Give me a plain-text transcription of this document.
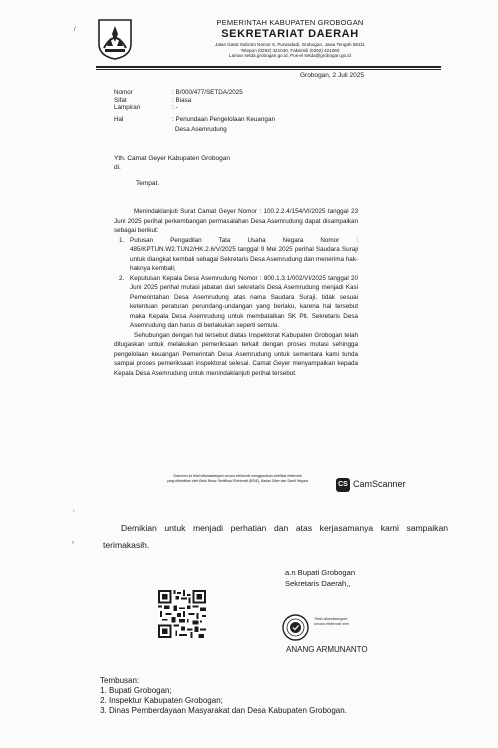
/
,
›
PEMERINTAH KABUPATEN GROBOGAN
SEKRETARIAT DAERAH
Jalan Gatot Subroto Nomor 6, Purwodadi, Grobogan, Jawa Tengah 58111
Telepon (0292) 421040, Faksimili (0292) 421060
Laman setda.grobogan.go.id, Pos-el setda@grobogan.go.id
Grobogan, 2 Juli 2025
Nomor	: B/000/477/SETDA/2025
Sifat	: Biasa
Lampiran	: -
Hal	: Penundaan Pengelolaan Keuangan
Desa Asemrudung
Yth. Camat Geyer Kabupaten Grobogan
di.
Tempat.

Menindaklanjuti Surat Camat Geyer Nomor : 100.2.2.4/154/VI/2025 tanggal 23 Juni 2025 perihal perkembangan permasalahan Desa Asemrudung dapat disampaikan sebagai berikut:

1. Putusan Pengadilan Tata Usaha Negara Nomor : 485/KPTUN.W2.TUN2/HK.2.6/V/2025 tanggal 9 Mei 2025 perihal Saudara Suraji untuk diangkat kembali sebagai Sekretaris Desa Asemrudung dan menerima hak-haknya kembali;
2. Keputusan Kepala Desa Asemrudung Nomor : 800.1.3.1/002/VI/2025 tanggal 20 Juni 2025 perihal mutasi jabatan dari sekretaris Desa Asemrudung menjadi Kasi Pemerintahan Desa Asemrudung atas nama Saudara Suraji, tidak sesuai ketentuan peraturan perundang-undangan yang berlaku, karena hal tersebut maka Kepala Desa Asemrudung untuk membatalkan SK Plt. Sekretaris Desa Asemrudung dan harus di berlakukan seperti semula.

Sehubungan dengan hal tersebut diatas Inspektorat Kabupaten Grobogan telah ditugaskan untuk melakukan pemeriksaan terkait dengan proses mutasi sehingga pengelolaan keuangan Pemerintah Desa Asemrudung untuk sementara kami tunda sampai proses pemeriksaan inspektorat selesai. Camat Geyer menyampaikan kepada Kepala Desa Asemrudung untuk menindaklanjuti perihal tersebut.

Dokumen ini telah ditandatangani secara elektronik menggunakan sertifikat elektronik
yang diterbitkan oleh Balai Besar Sertifikasi Elektronik (BSrE), Badan Siber dan Sandi Negara
CS CamScanner

Demikian untuk menjadi perhatian dan atas kerjasamanya kami sampaikan terimakasih.

a.n Bupati Grobogan
Sekretaris Daerah,,
Telah ditandatangani secara elektronik oleh
ANANG ARMUNANTO
Tembusan:
1. Bupati Grobogan;
2. Inspektur Kabupaten Grobogan;
3. Dinas Pemberdayaan Masyarakat dan Desa Kabupaten Grobogan.
